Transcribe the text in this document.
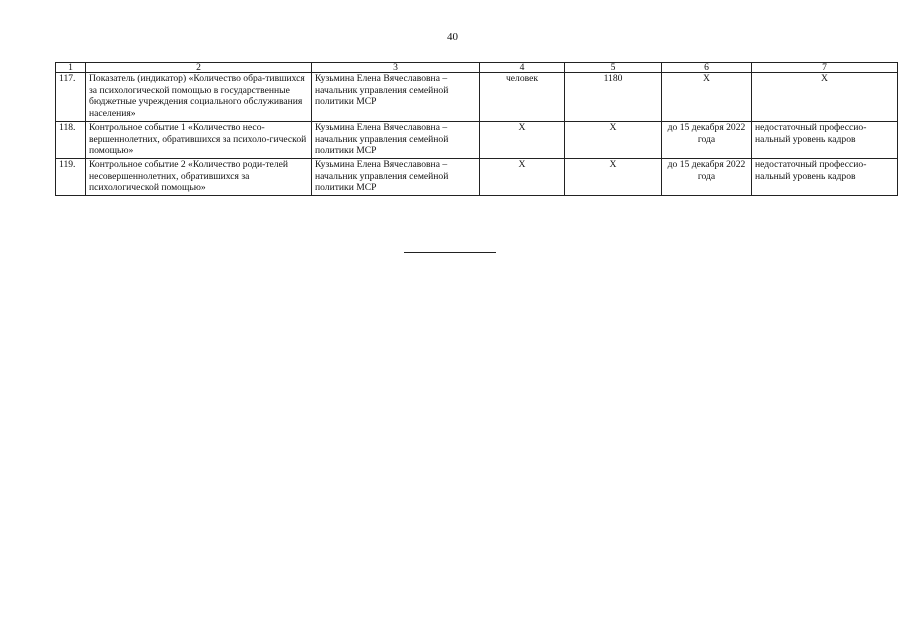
40
1	2	3	4	5	6	7
117.	Показатель (индикатор) «Количество обра-тившихся за психологической помощью в государственные бюджетные учреждения социального обслуживания населения»	Кузьмина Елена Вячеславовна – начальник управления семейной политики МСР	человек	1180	X	X
118.	Контрольное событие 1 «Количество несо-вершеннолетних, обратившихся за психоло-гической помощью»	Кузьмина Елена Вячеславовна – начальник управления семейной политики МСР	X	X	до 15 декабря 2022 года	недостаточный профессио-нальный уровень кадров
119.	Контрольное событие 2 «Количество роди-телей несовершеннолетних, обратившихся за психологической помощью»	Кузьмина Елена Вячеславовна – начальник управления семейной политики МСР	X	X	до 15 декабря 2022 года	недостаточный профессио-нальный уровень кадров
